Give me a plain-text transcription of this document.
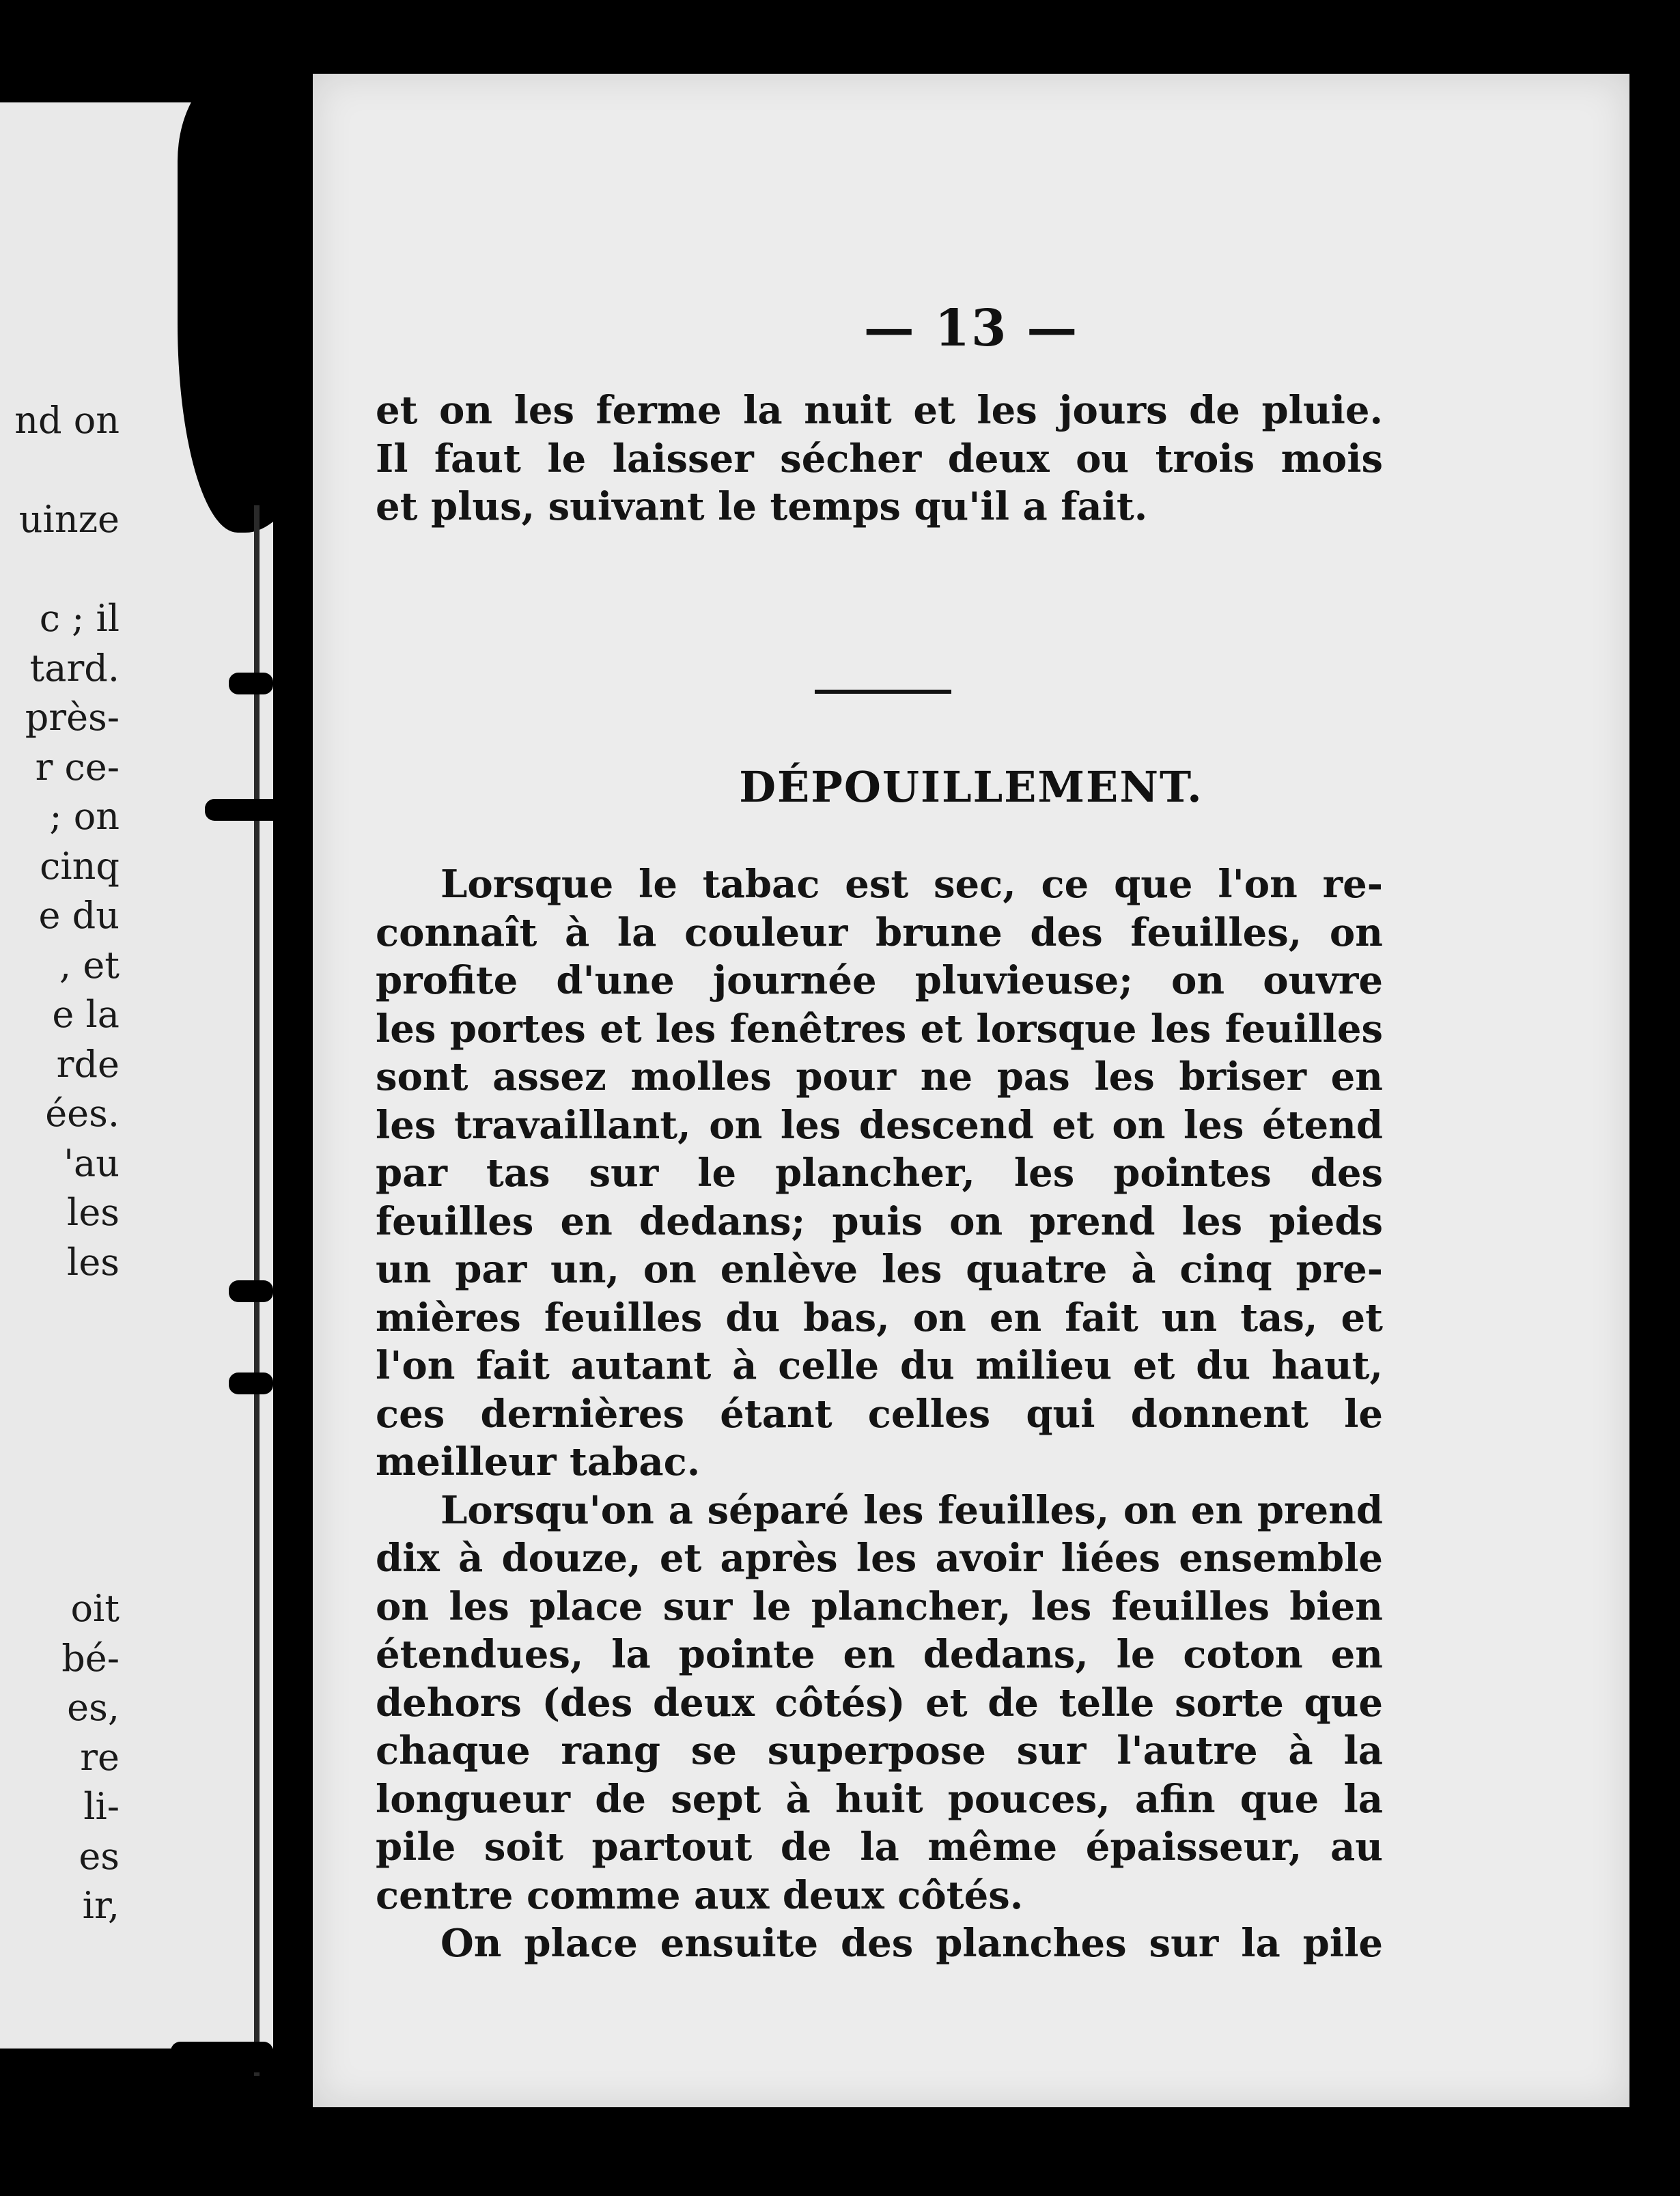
nd on
uinze
c ; il
tard.
près-
r ce-
; on
cinq
e du
, et
e la
rde
ées.
'au
les
les
oit
bé-
es,
re
li-
es
ir,
— 13 —
et on les ferme la nuit et les jours de pluie.
Il faut le laisser sécher deux ou trois mois
et plus, suivant le temps qu'il a fait.
DÉPOUILLEMENT.
Lorsque le tabac est sec, ce que l'on re-
connaît à la couleur brune des feuilles, on
profite d'une journée pluvieuse; on ouvre
les portes et les fenêtres et lorsque les feuilles
sont assez molles pour ne pas les briser en
les travaillant, on les descend et on les étend
par tas sur le plancher, les pointes des
feuilles en dedans; puis on prend les pieds
un par un, on enlève les quatre à cinq pre-
mières feuilles du bas, on en fait un tas, et
l'on fait autant à celle du milieu et du haut,
ces dernières étant celles qui donnent le
meilleur tabac.
Lorsqu'on a séparé les feuilles, on en prend
dix à douze, et après les avoir liées ensemble
on les place sur le plancher, les feuilles bien
étendues, la pointe en dedans, le coton en
dehors (des deux côtés) et de telle sorte que
chaque rang se superpose sur l'autre à la
longueur de sept à huit pouces, afin que la
pile soit partout de la même épaisseur, au
centre comme aux deux côtés.
On place ensuite des planches sur la pile
